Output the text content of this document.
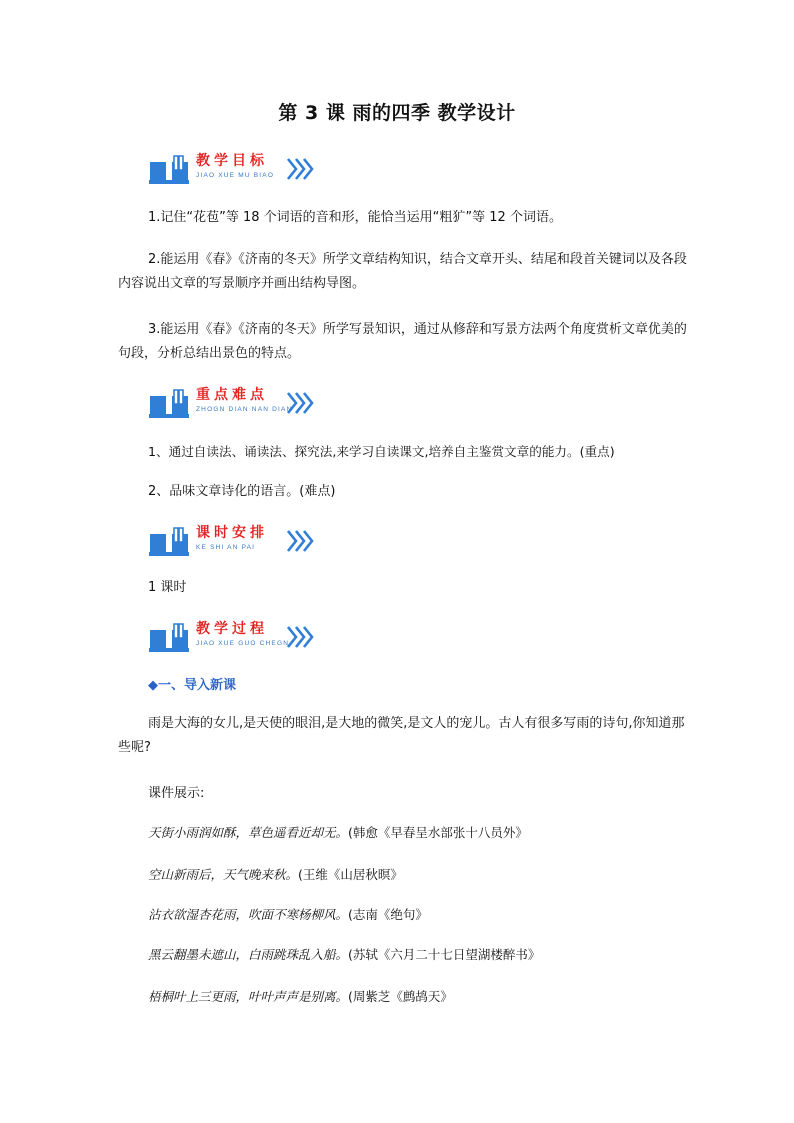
第 3 课 雨的四季 教学设计
教学目标
JIAO XUE MU BIAO
1.记住“花苞”等 18 个词语的音和形，能恰当运用“粗犷”等 12 个词语。
2.能运用《春》《济南的冬天》所学文章结构知识，结合文章开头、结尾和段首关键词以及各段内容说出文章的写景顺序并画出结构导图。
3.能运用《春》《济南的冬天》所学写景知识，通过从修辞和写景方法两个角度赏析文章优美的句段，分析总结出景色的特点。
重点难点
ZHOGN DIAN NAN DIAN
1、通过自读法、诵读法、探究法,来学习自读课文,培养自主鉴赏文章的能力。(重点)
2、品味文章诗化的语言。(难点)
课时安排
KE SHI AN PAI
1 课时
教学过程
JIAO XUE GUO CHEGN
◆一、导入新课
雨是大海的女儿,是天使的眼泪,是大地的微笑,是文人的宠儿。古人有很多写雨的诗句,你知道那些呢?
课件展示:
天街小雨润如酥，草色遥看近却无。(韩愈《早春呈水部张十八员外》
空山新雨后，天气晚来秋。(王维《山居秋暝》
沾衣欲湿杏花雨，吹面不寒杨柳风。(志南《绝句》
黑云翻墨未遮山，白雨跳珠乱入船。(苏轼《六月二十七日望湖楼醉书》
梧桐叶上三更雨，叶叶声声是别离。(周紫芝《鹧鸪天》
